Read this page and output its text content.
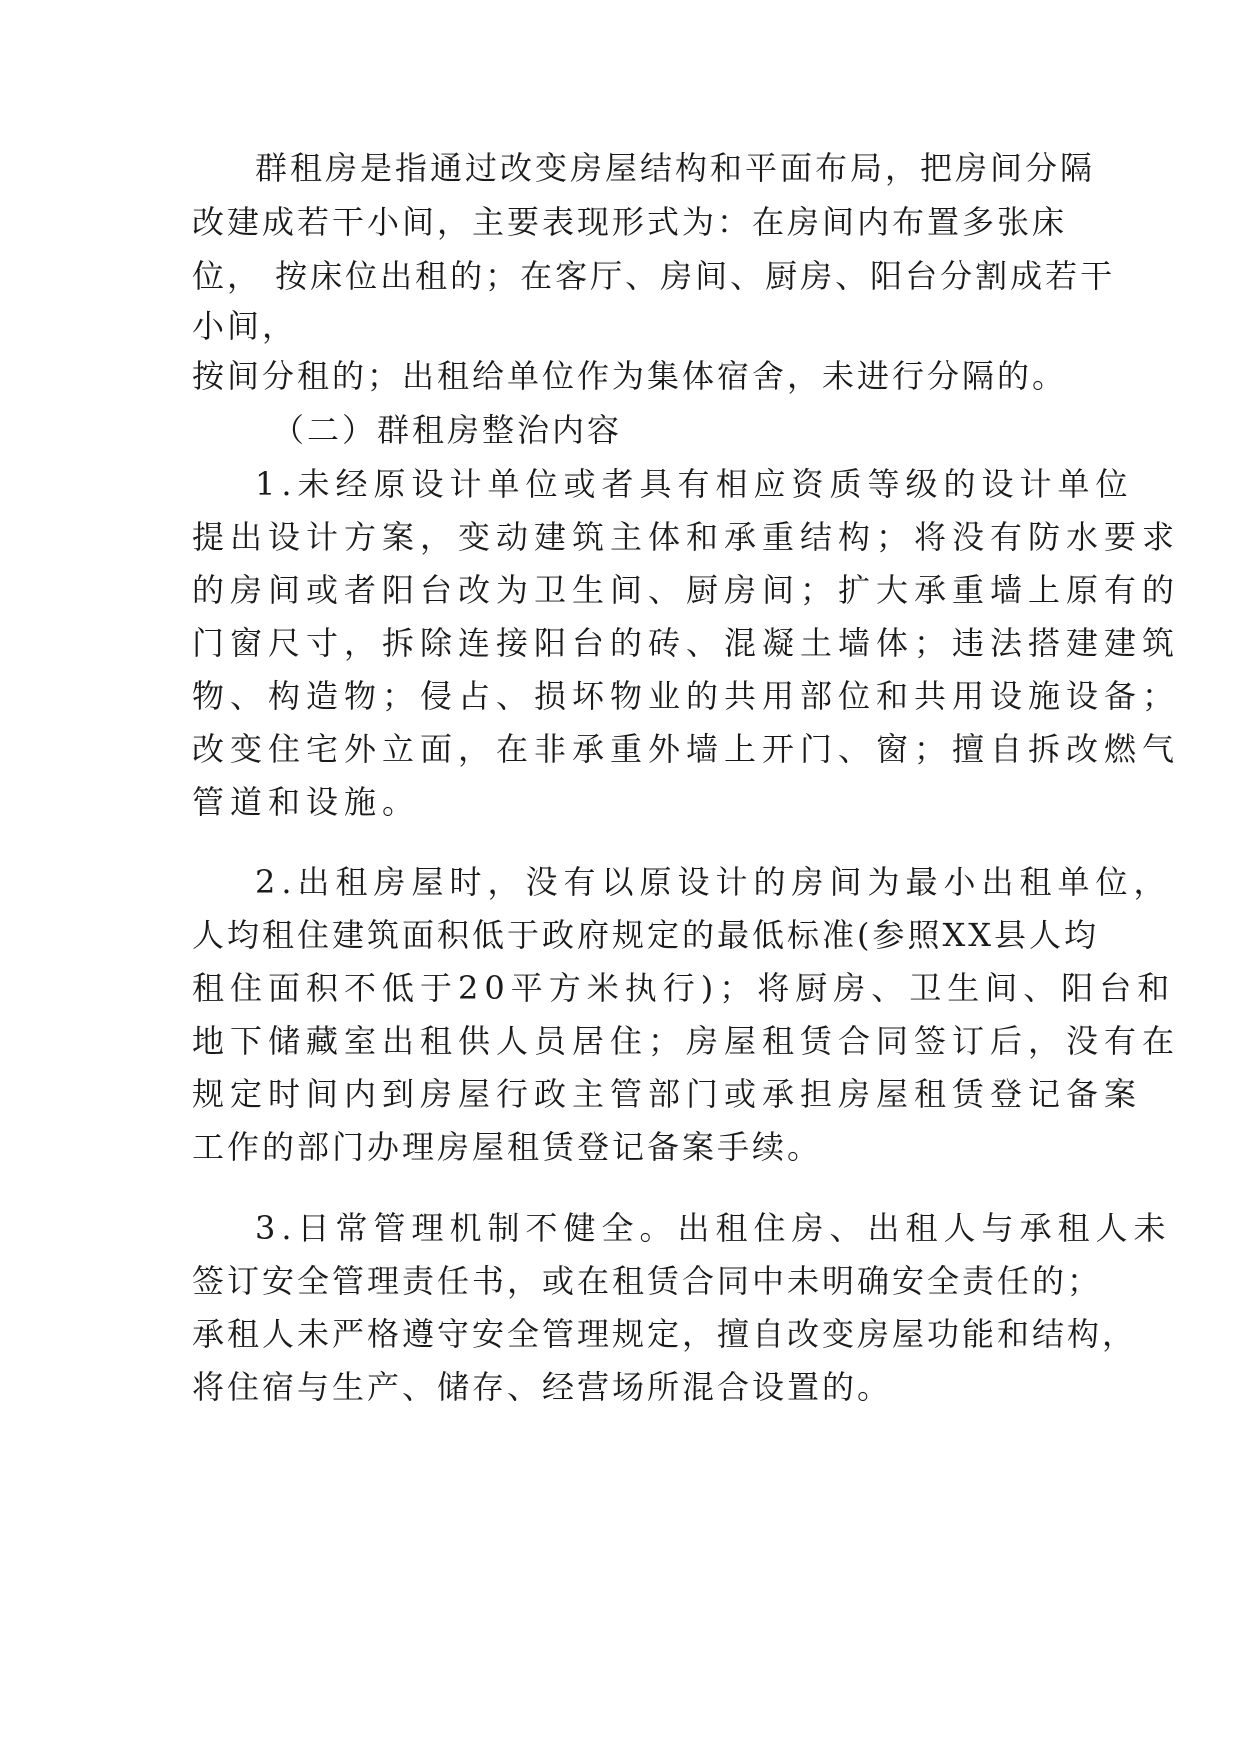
群租房是指通过改变房屋结构和平面布局，把房间分隔
改建成若干小间，主要表现形式为：在房间内布置多张床
位， 按床位出租的；在客厅、房间、厨房、阳台分割成若干
小间，
按间分租的；出租给单位作为集体宿舍，未进行分隔的。
（二）群租房整治内容
1.未经原设计单位或者具有相应资质等级的设计单位
提出设计方案，变动建筑主体和承重结构；将没有防水要求
的房间或者阳台改为卫生间、厨房间；扩大承重墙上原有的
门窗尺寸，拆除连接阳台的砖、混凝土墙体；违法搭建建筑
物、构造物；侵占、损坏物业的共用部位和共用设施设备；
改变住宅外立面，在非承重外墙上开门、窗；擅自拆改燃气
管道和设施。
2.出租房屋时，没有以原设计的房间为最小出租单位，
人均租住建筑面积低于政府规定的最低标准(参照XX县人均
租住面积不低于20平方米执行)；将厨房、卫生间、阳台和
地下储藏室出租供人员居住；房屋租赁合同签订后，没有在
规定时间内到房屋行政主管部门或承担房屋租赁登记备案
工作的部门办理房屋租赁登记备案手续。
3.日常管理机制不健全。出租住房、出租人与承租人未
签订安全管理责任书，或在租赁合同中未明确安全责任的；
承租人未严格遵守安全管理规定，擅自改变房屋功能和结构，
将住宿与生产、储存、经营场所混合设置的。
